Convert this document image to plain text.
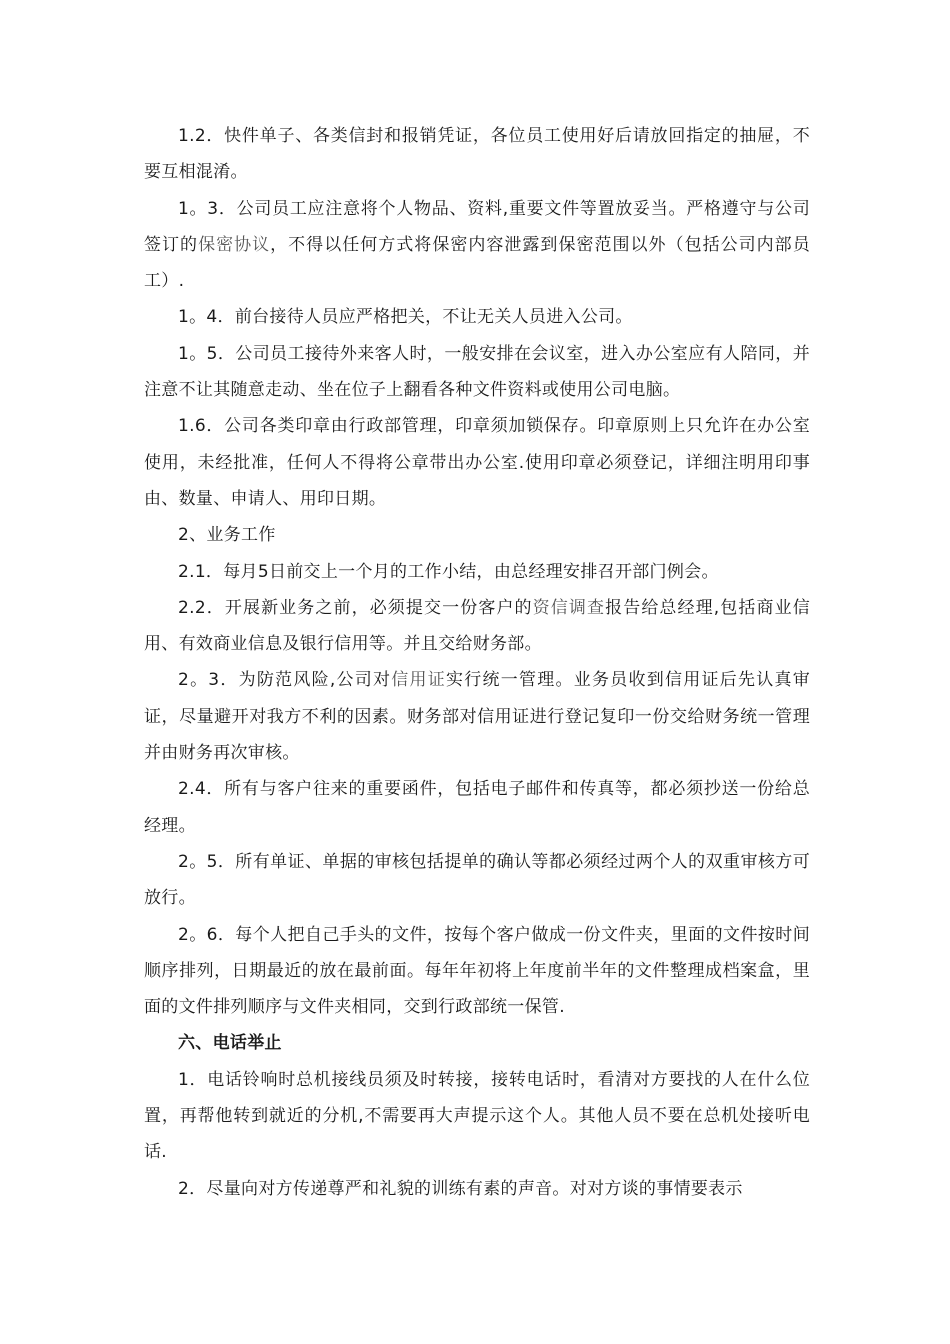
1.2．快件单子、各类信封和报销凭证，各位员工使用好后请放回指定的抽屉，不要互相混淆。

1。3．公司员工应注意将个人物品、资料,重要文件等置放妥当。严格遵守与公司签订的保密协议，不得以任何方式将保密内容泄露到保密范围以外（包括公司内部员工）.

1。4．前台接待人员应严格把关，不让无关人员进入公司。

1。5．公司员工接待外来客人时，一般安排在会议室，进入办公室应有人陪同，并注意不让其随意走动、坐在位子上翻看各种文件资料或使用公司电脑。

1.6．公司各类印章由行政部管理，印章须加锁保存。印章原则上只允许在办公室使用，未经批准，任何人不得将公章带出办公室.使用印章必须登记，详细注明用印事由、数量、申请人、用印日期。

2、业务工作

2.1．每月5日前交上一个月的工作小结，由总经理安排召开部门例会。

2.2．开展新业务之前，必须提交一份客户的资信调查报告给总经理,包括商业信用、有效商业信息及银行信用等。并且交给财务部。

2。3．为防范风险,公司对信用证实行统一管理。业务员收到信用证后先认真审证，尽量避开对我方不利的因素。财务部对信用证进行登记复印一份交给财务统一管理并由财务再次审核。

2.4．所有与客户往来的重要函件，包括电子邮件和传真等，都必须抄送一份给总经理。

2。5．所有单证、单据的审核包括提单的确认等都必须经过两个人的双重审核方可放行。

2。6．每个人把自己手头的文件，按每个客户做成一份文件夹，里面的文件按时间顺序排列，日期最近的放在最前面。每年年初将上年度前半年的文件整理成档案盒，里面的文件排列顺序与文件夹相同，交到行政部统一保管.

六、电话举止

1．电话铃响时总机接线员须及时转接，接转电话时，看清对方要找的人在什么位置，再帮他转到就近的分机,不需要再大声提示这个人。其他人员不要在总机处接听电话.

2．尽量向对方传递尊严和礼貌的训练有素的声音。对对方谈的事情要表示
